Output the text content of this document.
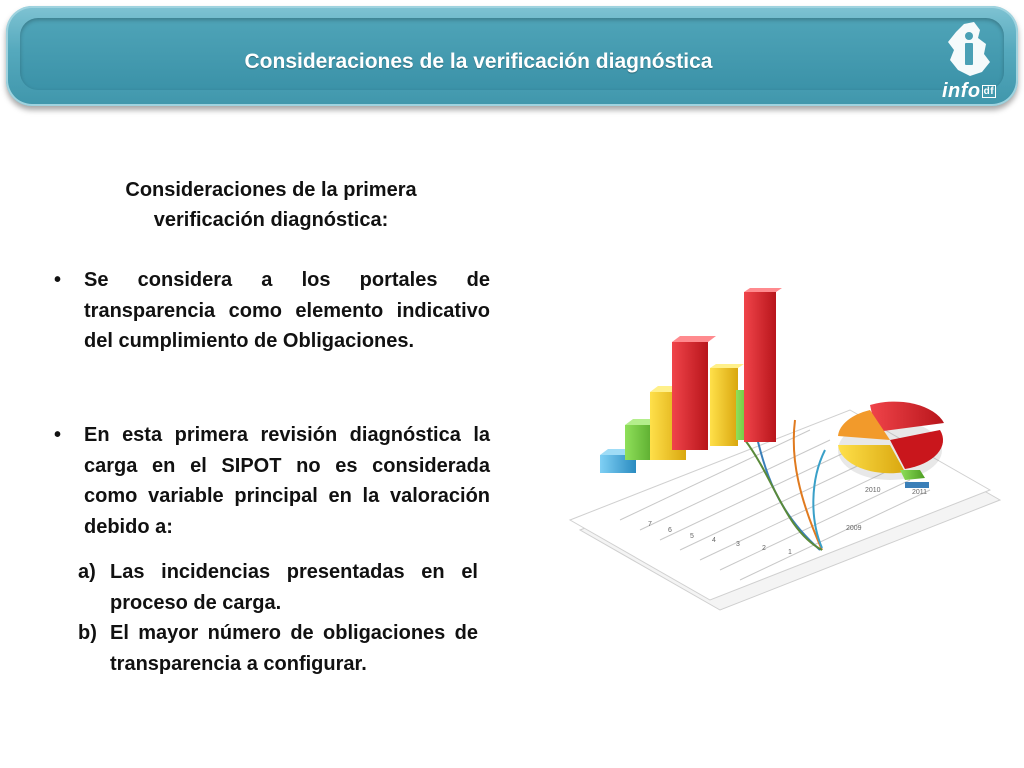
Consideraciones de la verificación diagnóstica
info df
Consideraciones de la primera verificación diagnóstica:
• Se considera a los portales de transparencia como elemento indicativo del cumplimiento de Obligaciones.
• En esta primera revisión diagnóstica la carga en el SIPOT no es considerada como variable principal en la valoración debido a:
a) Las incidencias presentadas en el proceso de carga.
b) El mayor número de obligaciones de transparencia a configurar.
7
6
5
4
3
2
1
2009
2010	2011
